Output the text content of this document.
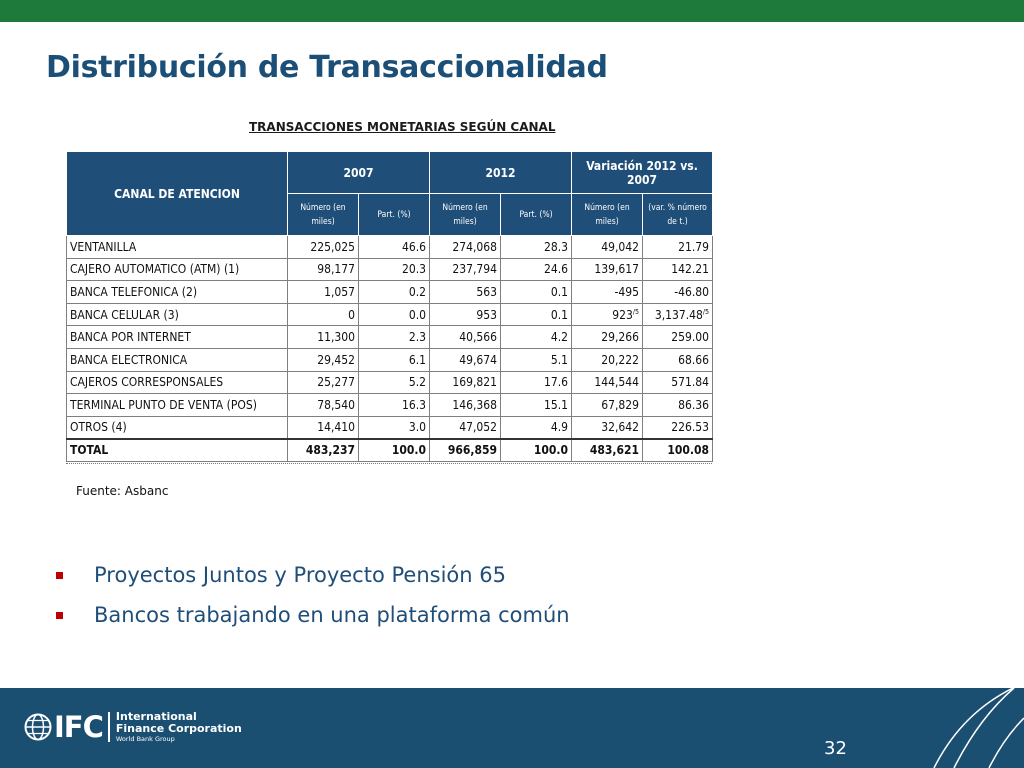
Distribución de Transaccionalidad
TRANSACCIONES MONETARIAS SEGÚN CANAL
CANAL DE ATENCION	2007		2012		Variación 2012 vs. 2007	
	Número (en miles)	Part. (%)	Número (en miles)	Part. (%)	Número (en miles)	(var. % número de t.)
VENTANILLA	225,025	46.6	274,068	28.3	49,042	21.79
CAJERO AUTOMATICO (ATM) (1)	98,177	20.3	237,794	24.6	139,617	142.21
BANCA TELEFONICA (2)	1,057	0.2	563	0.1	-495	-46.80
BANCA CELULAR (3)	0	0.0	953	0.1	$923^{/5}$	$3,137.48^{/5}$
BANCA POR INTERNET	11,300	2.3	40,566	4.2	29,266	259.00
BANCA ELECTRONICA	29,452	6.1	49,674	5.1	20,222	68.66
CAJEROS CORRESPONSALES	25,277	5.2	169,821	17.6	144,544	571.84
TERMINAL PUNTO DE VENTA (POS)	78,540	16.3	146,368	15.1	67,829	86.36
OTROS (4)	14,410	3.0	47,052	4.9	32,642	226.53
TOTAL	483,237	100.0	966,859	100.0	483,621	100.08
Fuente: Asbanc
Proyectos Juntos y Proyecto Pensión 65
Bancos trabajando en una plataforma común
IFC International
Finance Corporation
World Bank Group	32
